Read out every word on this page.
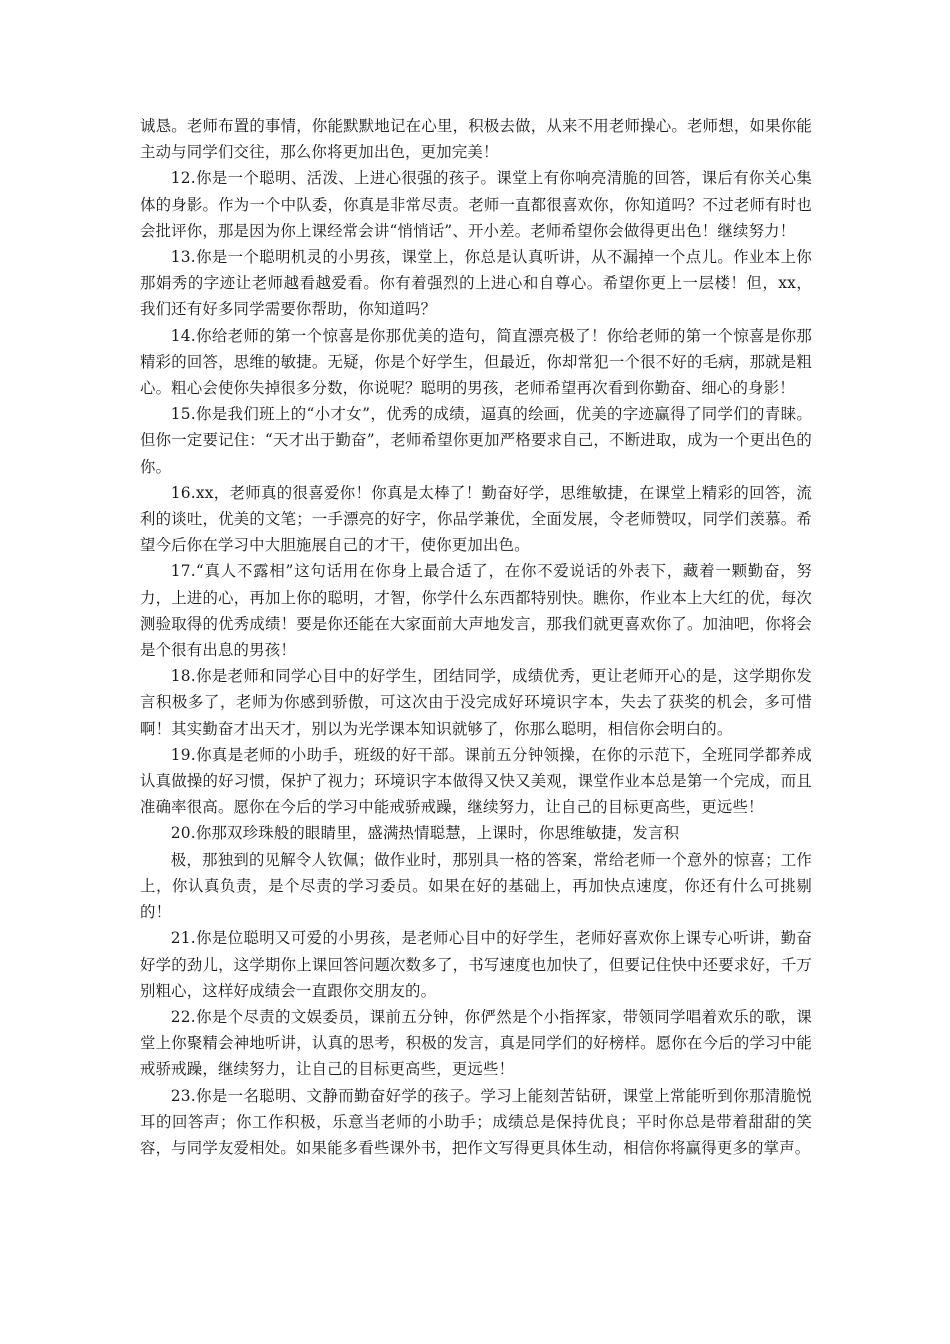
诚恳。老师布置的事情，你能默默地记在心里，积极去做，从来不用老师操心。老师想，如果你能主动与同学们交往，那么你将更加出色，更加完美！

12.你是一个聪明、活泼、上进心很强的孩子。课堂上有你响亮清脆的回答，课后有你关心集体的身影。作为一个中队委，你真是非常尽责。老师一直都很喜欢你，你知道吗？不过老师有时也会批评你，那是因为你上课经常会讲“悄悄话”、开小差。老师希望你会做得更出色！继续努力！

13.你是一个聪明机灵的小男孩，课堂上，你总是认真听讲，从不漏掉一个点儿。作业本上你那娟秀的字迹让老师越看越爱看。你有着强烈的上进心和自尊心。希望你更上一层楼！但，xx，我们还有好多同学需要你帮助，你知道吗？

14.你给老师的第一个惊喜是你那优美的造句，简直漂亮极了！你给老师的第一个惊喜是你那精彩的回答，思维的敏捷。无疑，你是个好学生，但最近，你却常犯一个很不好的毛病，那就是粗心。粗心会使你失掉很多分数，你说呢？聪明的男孩，老师希望再次看到你勤奋、细心的身影！

15.你是我们班上的“小才女”，优秀的成绩，逼真的绘画，优美的字迹赢得了同学们的青睐。但你一定要记住：“天才出于勤奋”，老师希望你更加严格要求自己，不断进取，成为一个更出色的你。

16.xx，老师真的很喜爱你！你真是太棒了！勤奋好学，思维敏捷，在课堂上精彩的回答，流利的谈吐，优美的文笔；一手漂亮的好字，你品学兼优，全面发展，令老师赞叹，同学们羡慕。希望今后你在学习中大胆施展自己的才干，使你更加出色。

17.“真人不露相”这句话用在你身上最合适了，在你不爱说话的外表下，藏着一颗勤奋，努力，上进的心，再加上你的聪明，才智，你学什么东西都特别快。瞧你，作业本上大红的优，每次测验取得的优秀成绩！要是你还能在大家面前大声地发言，那我们就更喜欢你了。加油吧，你将会是个很有出息的男孩！

18.你是老师和同学心目中的好学生，团结同学，成绩优秀，更让老师开心的是，这学期你发言积极多了，老师为你感到骄傲，可这次由于没完成好环境识字本，失去了获奖的机会，多可惜啊！其实勤奋才出天才，别以为光学课本知识就够了，你那么聪明，相信你会明白的。

19.你真是老师的小助手，班级的好干部。课前五分钟领操，在你的示范下，全班同学都养成认真做操的好习惯，保护了视力；环境识字本做得又快又美观，课堂作业本总是第一个完成，而且准确率很高。愿你在今后的学习中能戒骄戒躁，继续努力，让自己的目标更高些，更远些！

20.你那双珍珠般的眼睛里，盛满热情聪慧，上课时，你思维敏捷，发言积

极，那独到的见解令人钦佩；做作业时，那别具一格的答案，常给老师一个意外的惊喜；工作上，你认真负责，是个尽责的学习委员。如果在好的基础上，再加快点速度，你还有什么可挑剔的！

21.你是位聪明又可爱的小男孩，是老师心目中的好学生，老师好喜欢你上课专心听讲，勤奋好学的劲儿，这学期你上课回答问题次数多了，书写速度也加快了，但要记住快中还要求好，千万别粗心，这样好成绩会一直跟你交朋友的。

22.你是个尽责的文娱委员，课前五分钟，你俨然是个小指挥家，带领同学唱着欢乐的歌，课堂上你聚精会神地听讲，认真的思考，积极的发言，真是同学们的好榜样。愿你在今后的学习中能戒骄戒躁，继续努力，让自己的目标更高些，更远些！

23.你是一名聪明、文静而勤奋好学的孩子。学习上能刻苦钻研，课堂上常能听到你那清脆悦耳的回答声；你工作积极，乐意当老师的小助手；成绩总是保持优良；平时你总是带着甜甜的笑容，与同学友爱相处。如果能多看些课外书，把作文写得更具体生动，相信你将赢得更多的掌声。
